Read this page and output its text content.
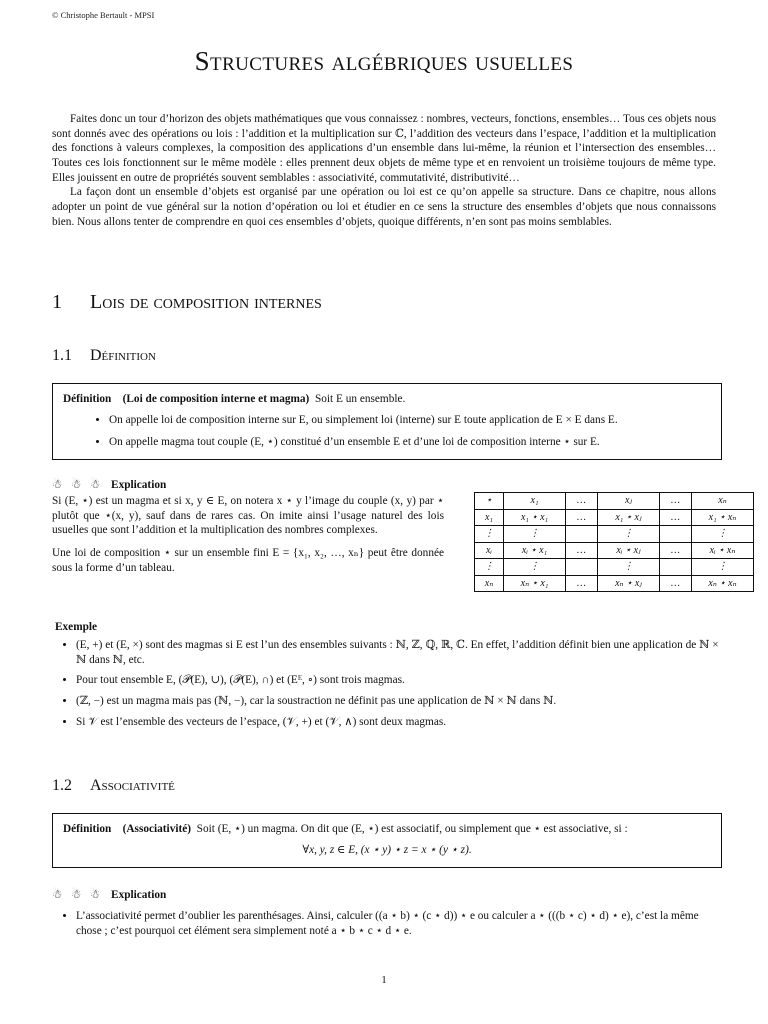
© Christophe Bertault - MPSI
Structures algébriques usuelles

Faites donc un tour d’horizon des objets mathématiques que vous connaissez : nombres, vecteurs, fonctions, ensembles… Tous ces objets nous sont donnés avec des opérations ou lois : l’addition et la multiplication sur ℂ, l’addition des vecteurs dans l’espace, l’addition et la multiplication des fonctions à valeurs complexes, la composition des applications d’un ensemble dans lui-même, la réunion et l’intersection des ensembles… Toutes ces lois fonctionnent sur le même modèle : elles prennent deux objets de même type et en renvoient un troisième toujours de même type. Elles jouissent en outre de propriétés souvent semblables : associativité, commutativité, distributivité…

La façon dont un ensemble d’objets est organisé par une opération ou loi est ce qu’on appelle sa structure. Dans ce chapitre, nous allons adopter un point de vue général sur la notion d’opération ou loi et étudier en ce sens la structure des ensembles d’objets que nous connaissons bien. Nous allons tenter de comprendre en quoi ces ensembles d’objets, quoique différents, n’en sont pas moins semblables.

1 Lois de composition internes
1.1 Définition
Définition (Loi de composition interne et magma) Soit E un ensemble.
• On appelle loi de composition interne sur E, ou simplement loi (interne) sur E toute application de E × E dans E.
• On appelle magma tout couple (E, ⋆) constitué d’un ensemble E et d’une loi de composition interne ⋆ sur E.
☃ ☃ ☃ Explication

Si (E, ⋆) est un magma et si x, y ∈ E, on notera x ⋆ y l’image du couple (x, y) par ⋆ plutôt que ⋆(x, y), sauf dans de rares cas. On imite ainsi l’usage naturel des lois usuelles que sont l’addition et la multiplication des nombres complexes.

Une loi de composition ⋆ sur un ensemble fini E = {x₁, x₂, …, xₙ} peut être donnée sous la forme d’un tableau.

⋆	x₁	…	xⱼ	…	xₙ
x₁	x₁ ⋆ x₁	…	x₁ ⋆ xⱼ	…	x₁ ⋆ xₙ
⋮	⋮		⋮		⋮
xᵢ	xᵢ ⋆ x₁	…	xᵢ ⋆ xⱼ	…	xᵢ ⋆ xₙ
⋮	⋮		⋮		⋮
xₙ	xₙ ⋆ x₁	…	xₙ ⋆ xⱼ	…	xₙ ⋆ xₙ
Exemple
• (E, +) et (E, ×) sont des magmas si E est l’un des ensembles suivants : ℕ, ℤ, ℚ, ℝ, ℂ. En effet, l’addition définit bien une application de ℕ × ℕ dans ℕ, etc.
• Pour tout ensemble E, (𝒫(E), ∪), (𝒫(E), ∩) et (Eᴱ, ∘) sont trois magmas.
• (ℤ, −) est un magma mais pas (ℕ, −), car la soustraction ne définit pas une application de ℕ × ℕ dans ℕ.
• Si 𝒱 est l’ensemble des vecteurs de l’espace, (𝒱, +) et (𝒱, ∧) sont deux magmas.
1.2 Associativité
Définition (Associativité) Soit (E, ⋆) un magma. On dit que (E, ⋆) est associatif, ou simplement que ⋆ est associative, si :
∀x, y, z ∈ E, (x ⋆ y) ⋆ z = x ⋆ (y ⋆ z).
☃ ☃ ☃ Explication
• L’associativité permet d’oublier les parenthésages. Ainsi, calculer ((a ⋆ b) ⋆ (c ⋆ d)) ⋆ e ou calculer a ⋆ (((b ⋆ c) ⋆ d) ⋆ e), c’est la même chose ; c’est pourquoi cet élément sera simplement noté a ⋆ b ⋆ c ⋆ d ⋆ e.
1
